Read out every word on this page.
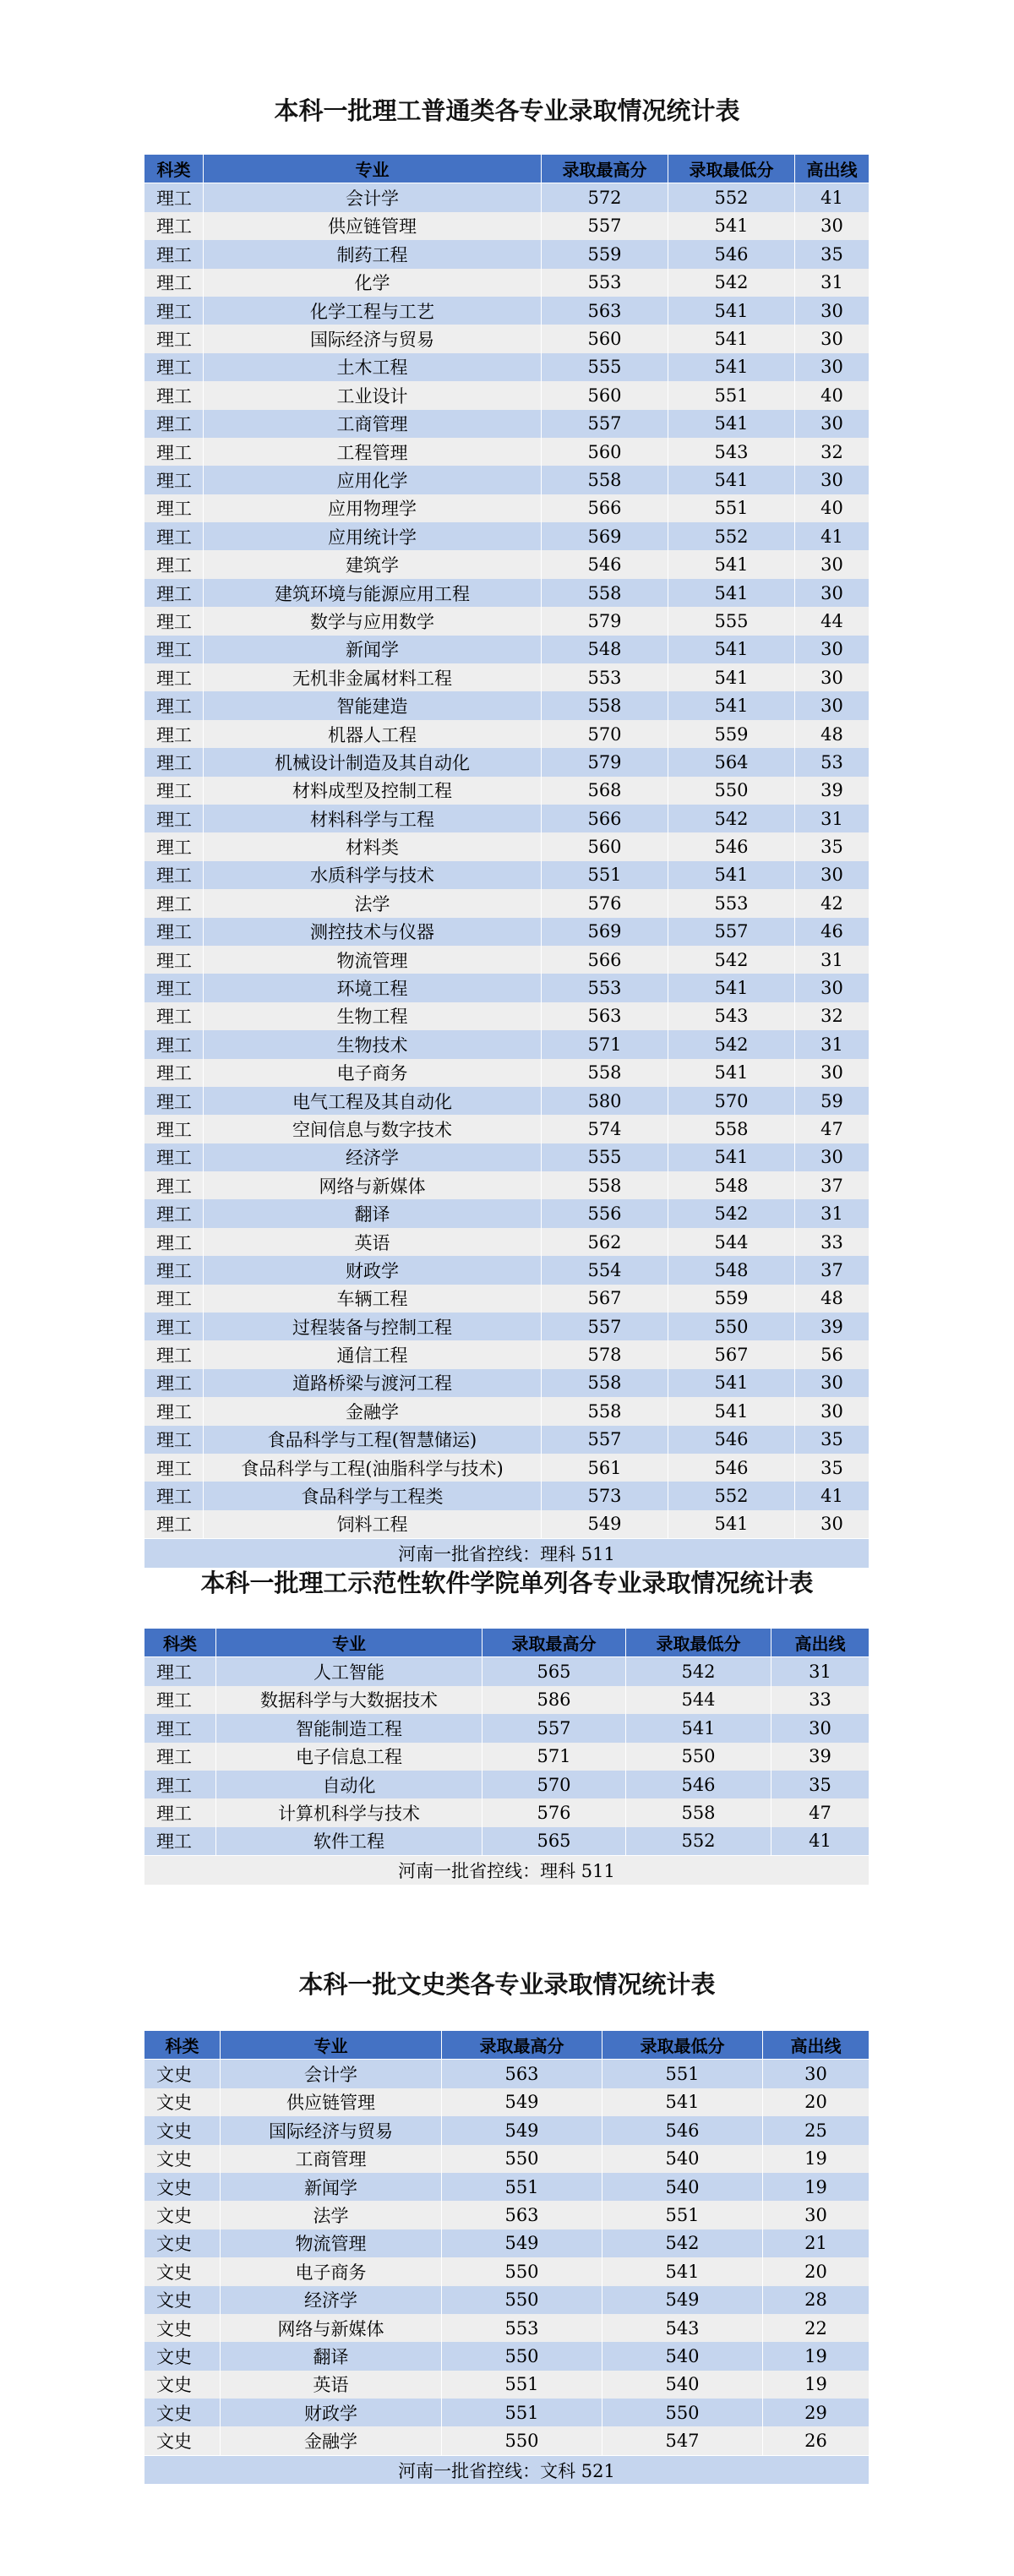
本科一批理工普通类各专业录取情况统计表
科类	专业	录取最高分	录取最低分	高出线
理工	会计学	572	552	41
理工	供应链管理	557	541	30
理工	制药工程	559	546	35
理工	化学	553	542	31
理工	化学工程与工艺	563	541	30
理工	国际经济与贸易	560	541	30
理工	土木工程	555	541	30
理工	工业设计	560	551	40
理工	工商管理	557	541	30
理工	工程管理	560	543	32
理工	应用化学	558	541	30
理工	应用物理学	566	551	40
理工	应用统计学	569	552	41
理工	建筑学	546	541	30
理工	建筑环境与能源应用工程	558	541	30
理工	数学与应用数学	579	555	44
理工	新闻学	548	541	30
理工	无机非金属材料工程	553	541	30
理工	智能建造	558	541	30
理工	机器人工程	570	559	48
理工	机械设计制造及其自动化	579	564	53
理工	材料成型及控制工程	568	550	39
理工	材料科学与工程	566	542	31
理工	材料类	560	546	35
理工	水质科学与技术	551	541	30
理工	法学	576	553	42
理工	测控技术与仪器	569	557	46
理工	物流管理	566	542	31
理工	环境工程	553	541	30
理工	生物工程	563	543	32
理工	生物技术	571	542	31
理工	电子商务	558	541	30
理工	电气工程及其自动化	580	570	59
理工	空间信息与数字技术	574	558	47
理工	经济学	555	541	30
理工	网络与新媒体	558	548	37
理工	翻译	556	542	31
理工	英语	562	544	33
理工	财政学	554	548	37
理工	车辆工程	567	559	48
理工	过程装备与控制工程	557	550	39
理工	通信工程	578	567	56
理工	道路桥梁与渡河工程	558	541	30
理工	金融学	558	541	30
理工	食品科学与工程(智慧储运)	557	546	35
理工	食品科学与工程(油脂科学与技术)	561	546	35
理工	食品科学与工程类	573	552	41
理工	饲料工程	549	541	30
河南一批省控线：理科 511				
本科一批理工示范性软件学院单列各专业录取情况统计表
科类	专业	录取最高分	录取最低分	高出线
理工	人工智能	565	542	31
理工	数据科学与大数据技术	586	544	33
理工	智能制造工程	557	541	30
理工	电子信息工程	571	550	39
理工	自动化	570	546	35
理工	计算机科学与技术	576	558	47
理工	软件工程	565	552	41
河南一批省控线：理科 511				
本科一批文史类各专业录取情况统计表
科类	专业	录取最高分	录取最低分	高出线
文史	会计学	563	551	30
文史	供应链管理	549	541	20
文史	国际经济与贸易	549	546	25
文史	工商管理	550	540	19
文史	新闻学	551	540	19
文史	法学	563	551	30
文史	物流管理	549	542	21
文史	电子商务	550	541	20
文史	经济学	550	549	28
文史	网络与新媒体	553	543	22
文史	翻译	550	540	19
文史	英语	551	540	19
文史	财政学	551	550	29
文史	金融学	550	547	26
河南一批省控线：文科 521				
